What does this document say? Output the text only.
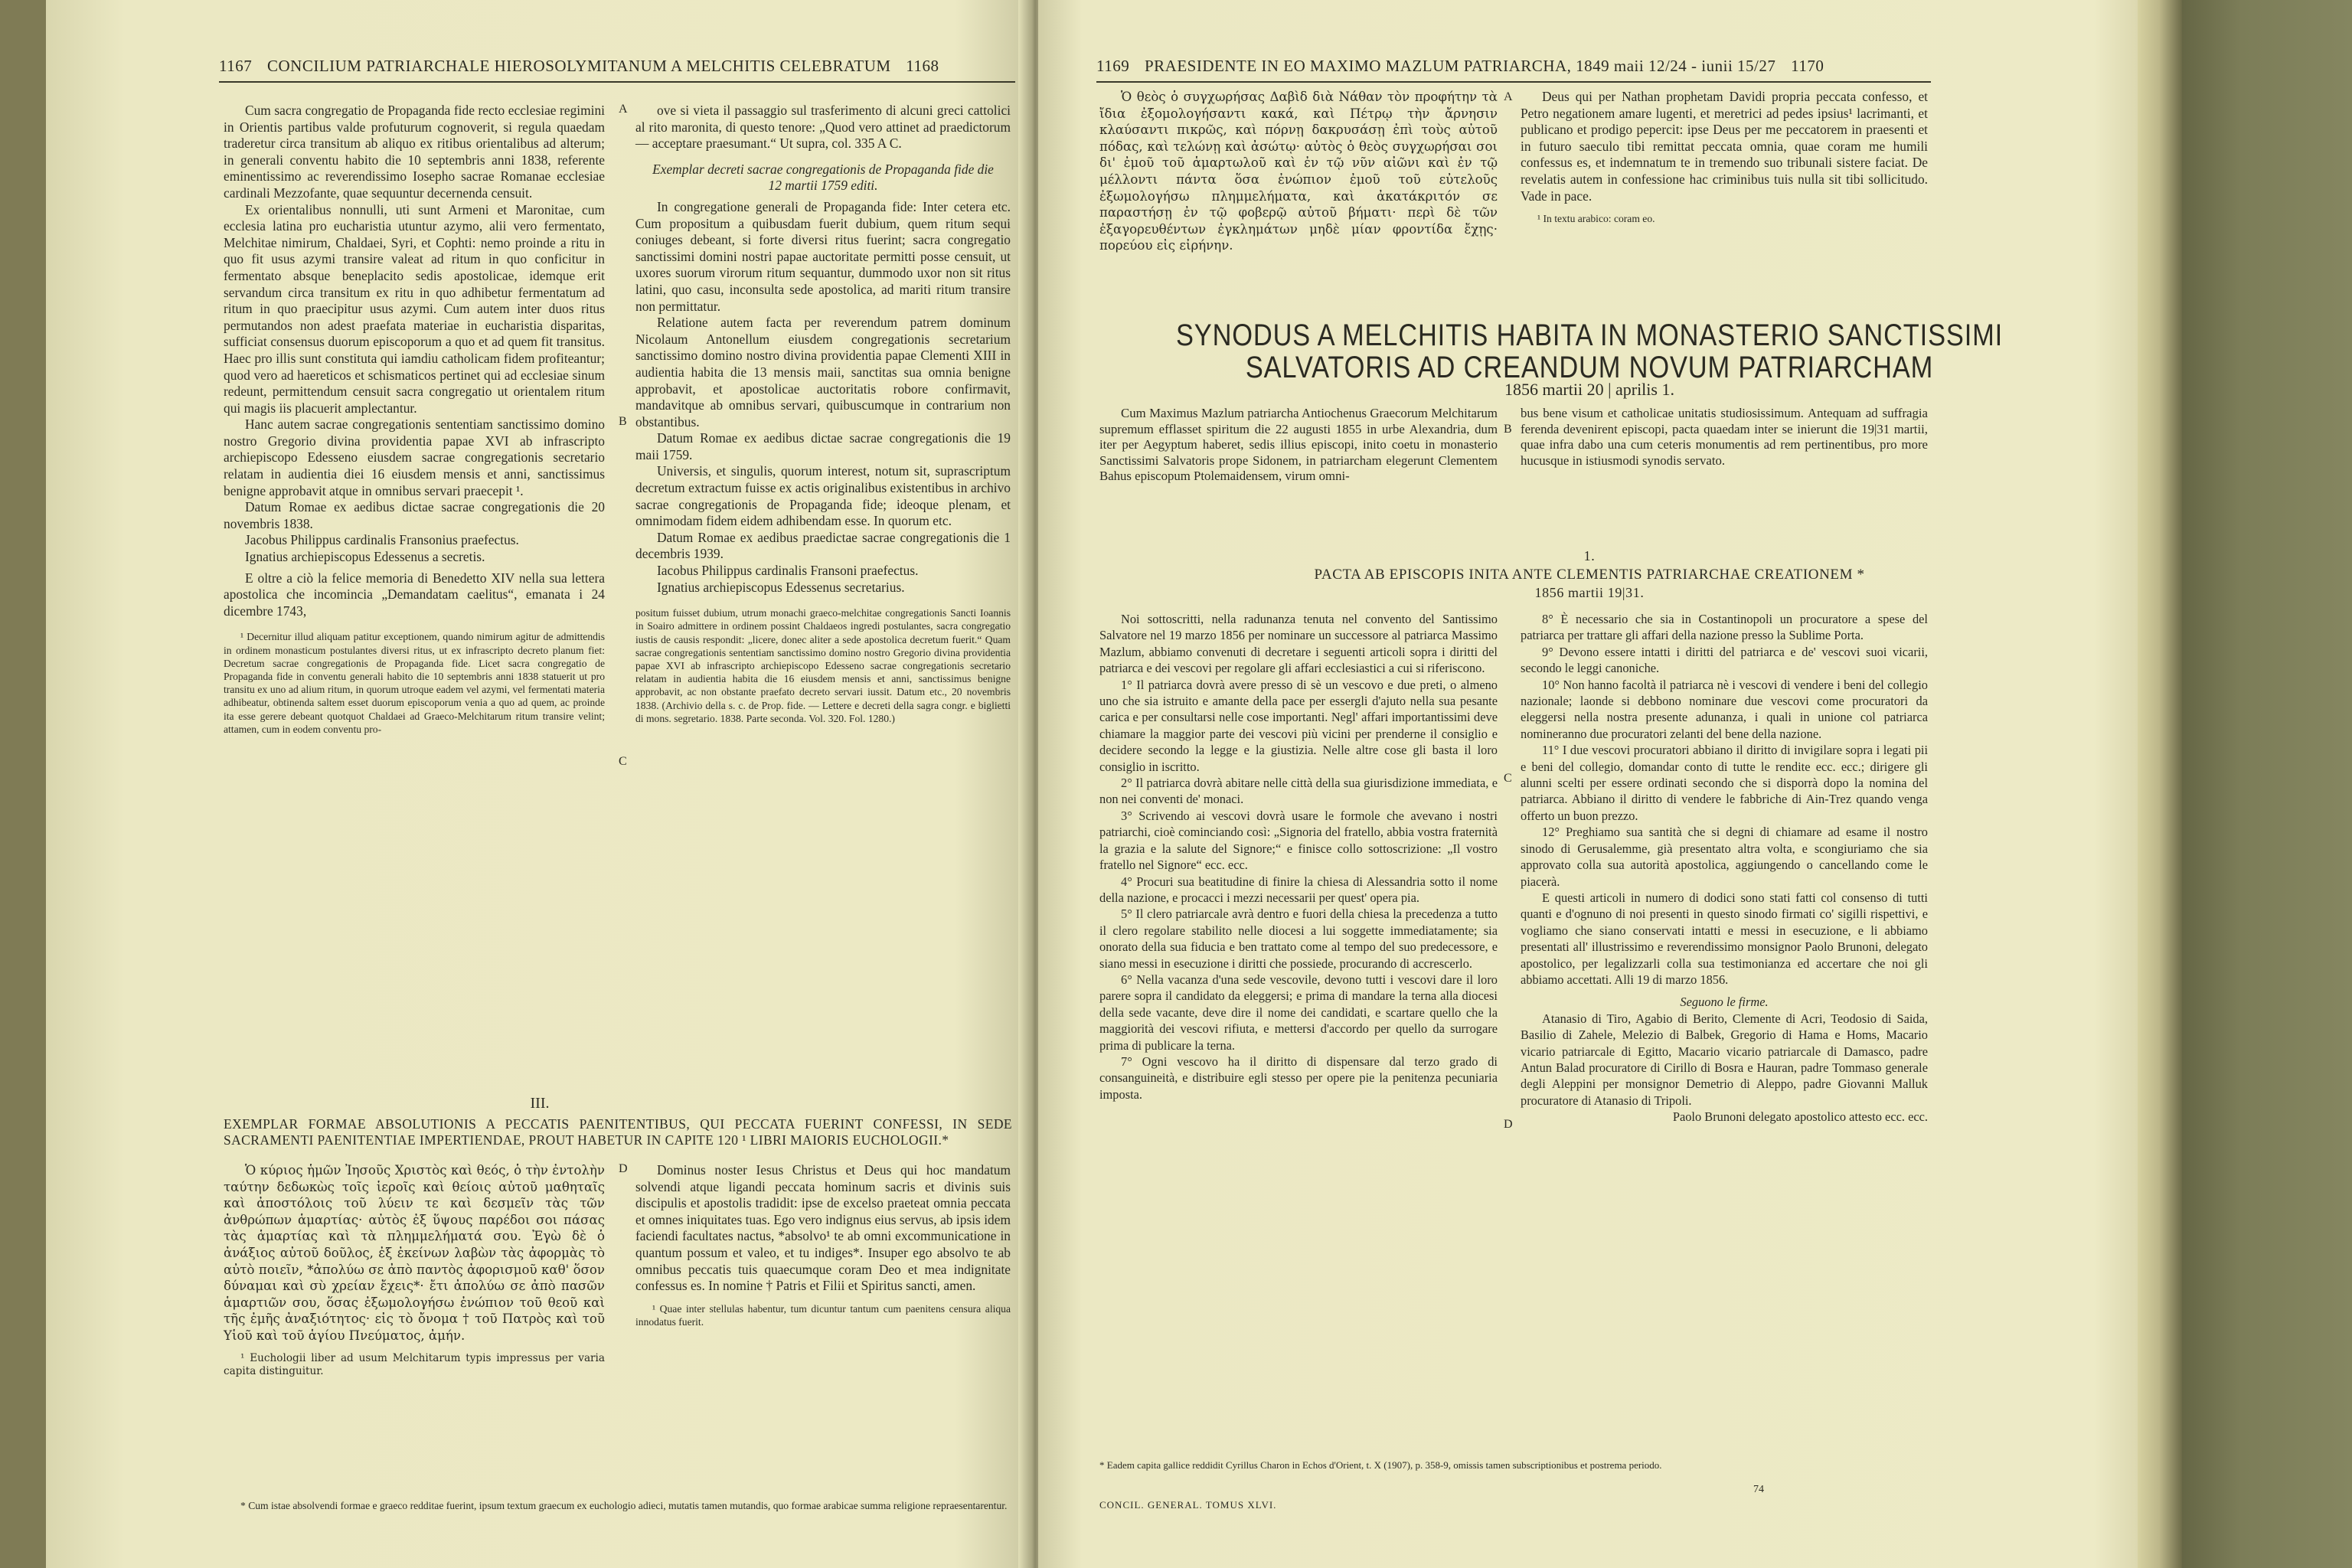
1167 CONCILIUM PATRIARCHALE HIEROSOLYMITANUM A MELCHITIS CELEBRATUM 1168

Cum sacra congregatio de Propaganda fide recto ecclesiae regimini in Orientis partibus valde profuturum cognoverit, si regula quaedam traderetur circa transitum ab aliquo ex ritibus orientalibus ad alterum; in generali conventu habito die 10 septembris anni 1838, referente eminentissimo ac reverendissimo Iosepho sacrae Romanae ecclesiae cardinali Mezzofante, quae sequuntur decernenda censuit.

Ex orientalibus nonnulli, uti sunt Armeni et Maronitae, cum ecclesia latina pro eucharistia utuntur azymo, alii vero fermentato, Melchitae nimirum, Chaldaei, Syri, et Cophti: nemo proinde a ritu in quo fit usus azymi transire valeat ad ritum in quo conficitur in fermentato absque beneplacito sedis apostolicae, idemque erit servandum circa transitum ex ritu in quo adhibetur fermentatum ad ritum in quo praecipitur usus azymi. Cum autem inter duos ritus permutandos non adest praefata materiae in eucharistia disparitas, sufficiat consensus duorum episcoporum a quo et ad quem fit transitus. Haec pro illis sunt constituta qui iamdiu catholicam fidem profiteantur; quod vero ad haereticos et schismaticos pertinet qui ad ecclesiae sinum redeunt, permittendum censuit sacra congregatio ut orientalem ritum qui magis iis placuerit amplectantur.

Hanc autem sacrae congregationis sententiam sanctissimo domino nostro Gregorio divina providentia papae XVI ab infrascripto archiepiscopo Edesseno eiusdem sacrae congregationis secretario relatam in audientia diei 16 eiusdem mensis et anni, sanctissimus benigne approbavit atque in omnibus servari praecepit ¹.

Datum Romae ex aedibus dictae sacrae congregationis die 20 novembris 1838.

Jacobus Philippus cardinalis Fransonius praefectus.

Ignatius archiepiscopus Edessenus a secretis.

E oltre a ciò la felice memoria di Benedetto XIV nella sua lettera apostolica che incomincia „Demandatam caelitus“, emanata i 24 dicembre 1743,

¹ Decernitur illud aliquam patitur exceptionem, quando nimirum agitur de admittendis in ordinem monasticum postulantes diversi ritus, ut ex infrascripto decreto planum fiet: Decretum sacrae congregationis de Propaganda fide. Licet sacra congregatio de Propaganda fide in conventu generali habito die 10 septembris anni 1838 statuerit ut pro transitu ex uno ad alium ritum, in quorum utroque eadem vel azymi, vel fermentati materia adhibeatur, obtinenda saltem esset duorum episcoporum venia a quo ad quem, ac proinde ita esse gerere debeant quotquot Chaldaei ad Graeco-Melchitarum ritum transire velint; attamen, cum in eodem conventu pro-

A
B
C

ove si vieta il passaggio sul trasferimento di alcuni greci cattolici al rito maronita, di questo tenore: „Quod vero attinet ad praedictorum — acceptare praesumant.“ Ut supra, col. 335 A C.

Exemplar decreti sacrae congregationis de Propaganda fide die 12 martii 1759 editi.

In congregatione generali de Propaganda fide: Inter cetera etc. Cum propositum a quibusdam fuerit dubium, quem ritum sequi coniuges debeant, si forte diversi ritus fuerint; sacra congregatio sanctissimi domini nostri papae auctoritate permitti posse censuit, ut uxores suorum virorum ritum sequantur, dummodo uxor non sit ritus latini, quo casu, inconsulta sede apostolica, ad mariti ritum transire non permittatur.

Relatione autem facta per reverendum patrem dominum Nicolaum Antonellum eiusdem congregationis secretarium sanctissimo domino nostro divina providentia papae Clementi XIII in audientia habita die 13 mensis maii, sanctitas sua omnia benigne approbavit, et apostolicae auctoritatis robore confirmavit, mandavitque ab omnibus servari, quibuscumque in contrarium non obstantibus.

Datum Romae ex aedibus dictae sacrae congregationis die 19 maii 1759.

Universis, et singulis, quorum interest, notum sit, suprascriptum decretum extractum fuisse ex actis originalibus existentibus in archivo sacrae congregationis de Propaganda fide; ideoque plenam, et omnimodam fidem eidem adhibendam esse. In quorum etc.

Datum Romae ex aedibus praedictae sacrae congregationis die 1 decembris 1939.

Iacobus Philippus cardinalis Fransoni praefectus.

Ignatius archiepiscopus Edessenus secretarius.

positum fuisset dubium, utrum monachi graeco-melchitae congregationis Sancti Ioannis in Soairo admittere in ordinem possint Chaldaeos ingredi postulantes, sacra congregatio iustis de causis respondit: „licere, donec aliter a sede apostolica decretum fuerit.“ Quam sacrae congregationis sententiam sanctissimo domino nostro Gregorio divina providentia papae XVI ab infrascripto archiepiscopo Edesseno sacrae congregationis secretario relatam in audientia habita die 16 eiusdem mensis et anni, sanctissimus benigne approbavit, ac non obstante praefato decreto servari iussit. Datum etc., 20 novembris 1838. (Archivio della s. c. de Prop. fide. — Lettere e decreti della sagra congr. e biglietti di mons. segretario. 1838. Parte seconda. Vol. 320. Fol. 1280.)

III.
EXEMPLAR FORMAE ABSOLUTIONIS A PECCATIS PAENITENTIBUS, QUI PECCATA FUERINT CONFESSI, IN SEDE SACRAMENTI PAENITENTIAE IMPERTIENDAE, PROUT HABETUR IN CAPITE 120 ¹ LIBRI MAIORIS EUCHOLOGII.*

Ὁ κύριος ἡμῶν Ἰησοῦς Χριστὸς καὶ θεός, ὁ τὴν ἐντολὴν ταύτην δεδωκὼς τοῖς ἱεροῖς καὶ θείοις αὐτοῦ μαθηταῖς καὶ ἀποστόλοις τοῦ λύειν τε καὶ δεσμεῖν τὰς τῶν ἀνθρώπων ἁμαρτίας· αὐτὸς ἐξ ὕψους παρέδοι σοι πάσας τὰς ἁμαρτίας καὶ τὰ πλημμελήματά σου. Ἐγὼ δὲ ὁ ἀνάξιος αὐτοῦ δοῦλος, ἐξ ἐκείνων λαβὼν τὰς ἀφορμὰς τὸ αὐτὸ ποιεῖν, *ἀπολύω σε ἀπὸ παντὸς ἀφορισμοῦ καθ' ὅσον δύναμαι καὶ σὺ χρείαν ἔχεις*· ἔτι ἀπολύω σε ἀπὸ πασῶν ἁμαρτιῶν σου, ὅσας ἐξωμολογήσω ἐνώπιον τοῦ θεοῦ καὶ τῆς ἐμῆς ἀναξιότητος· εἰς τὸ ὄνομα † τοῦ Πατρὸς καὶ τοῦ Υἱοῦ καὶ τοῦ ἁγίου Πνεύματος, ἀμήν.

¹ Euchologii liber ad usum Melchitarum typis impressus per varia capita distinguitur.

D	Dominus noster Iesus Christus et Deus qui hoc mandatum solvendi atque ligandi peccata hominum sacris et divinis suis discipulis et apostolis tradidit: ipse de excelso praeteat omnia peccata et omnes iniquitates tuas. Ego vero indignus eius servus, ab ipsis idem faciendi facultates nactus, *absolvo¹ te ab omni excommunicatione in quantum possum et valeo, et tu indiges*. Insuper ego absolvo te ab omnibus peccatis tuis quaecumque coram Deo et mea indignitate confessus es. In nomine † Patris et Filii et Spiritus sancti, amen.

¹ Quae inter stellulas habentur, tum dicuntur tantum cum paenitens censura aliqua innodatus fuerit.

* Cum istae absolvendi formae e graeco redditae fuerint, ipsum textum graecum ex euchologio adieci, mutatis tamen mutandis, quo formae arabicae summa religione repraesentarentur.

1169 PRAESIDENTE IN EO MAXIMO MAZLUM PATRIARCHA, 1849 maii 12/24 - iunii 15/27 1170

Ὁ θεὸς ὁ συγχωρήσας Δαβὶδ διὰ Νάθαν τὸν προφήτην τὰ ἴδια ἐξομολογήσαντι κακά, καὶ Πέτρῳ τὴν ἄρνησιν κλαύσαντι πικρῶς, καὶ πόρνῃ δακρυσάσῃ ἐπὶ τοὺς αὐτοῦ πόδας, καὶ τελώνῃ καὶ ἀσώτῳ· αὐτὸς ὁ θεὸς συγχωρήσαι σοι δι' ἐμοῦ τοῦ ἁμαρτωλοῦ καὶ ἐν τῷ νῦν αἰῶνι καὶ ἐν τῷ μέλλοντι πάντα ὅσα ἐνώπιον ἐμοῦ τοῦ εὐτελοῦς ἐξωμολογήσω πλημμελήματα, καὶ ἀκατάκριτόν σε παραστήσῃ ἐν τῷ φοβερῷ αὐτοῦ βήματι· περὶ δὲ τῶν ἐξαγορευθέντων ἐγκλημάτων μηδὲ μίαν φροντίδα ἔχῃς· πορεύου εἰς εἰρήνην.

A	Deus qui per Nathan prophetam Davidi propria peccata confesso, et Petro negationem amare lugenti, et meretrici ad pedes ipsius¹ lacrimanti, et publicano et prodigo pepercit: ipse Deus per me peccatorem in praesenti et in futuro saeculo tibi remittat peccata omnia, quae coram me humili confessus es, et indemnatum te in tremendo suo tribunali sistere faciat. De revelatis autem in confessione hac criminibus tuis nulla sit tibi sollicitudo. Vade in pace.

¹ In textu arabico: coram eo.

SYNODUS A MELCHITIS HABITA IN MONASTERIO SANCTISSIMI
SALVATORIS AD CREANDUM NOVUM PATRIARCHAM
1856 martii 20 | aprilis 1.

Cum Maximus Mazlum patriarcha Antiochenus Graecorum Melchitarum supremum efflasset spiritum die 22 augusti 1855 in urbe Alexandria, dum iter per Aegyptum haberet, sedis illius episcopi, inito coetu in monasterio Sanctissimi Salvatoris prope Sidonem, in patriarcham elegerunt Clementem Bahus episcopum Ptolemaidensem, virum omni-

B

bus bene visum et catholicae unitatis studiosissimum. Antequam ad suffragia ferenda devenirent episcopi, pacta quaedam inter se inierunt die 19|31 martii, quae infra dabo una cum ceteris monumentis ad rem pertinentibus, pro more hucusque in istiusmodi synodis servato.

1.
PACTA AB EPISCOPIS INITA ANTE CLEMENTIS PATRIARCHAE CREATIONEM *
1856 martii 19|31.

Noi sottoscritti, nella radunanza tenuta nel convento del Santissimo Salvatore nel 19 marzo 1856 per nominare un successore al patriarca Massimo Mazlum, abbiamo convenuti di decretare i seguenti articoli sopra i diritti del patriarca e dei vescovi per regolare gli affari ecclesiastici a cui si riferiscono.

1° Il patriarca dovrà avere presso di sè un vescovo e due preti, o almeno uno che sia istruito e amante della pace per essergli d'ajuto nella sua pesante carica e per consultarsi nelle cose importanti. Negl' affari importantissimi deve chiamare la maggior parte dei vescovi più vicini per prenderne il consiglio e decidere secondo la legge e la giustizia. Nelle altre cose gli basta il loro consiglio in iscritto.

2° Il patriarca dovrà abitare nelle città della sua giurisdizione immediata, e non nei conventi de' monaci.

3° Scrivendo ai vescovi dovrà usare le formole che avevano i nostri patriarchi, cioè cominciando così: „Signoria del fratello, abbia vostra fraternità la grazia e la salute del Signore;“ e finisce collo sottoscrizione: „Il vostro fratello nel Signore“ ecc. ecc.

4° Procuri sua beatitudine di finire la chiesa di Alessandria sotto il nome della nazione, e procacci i mezzi necessarii per quest' opera pia.

5° Il clero patriarcale avrà dentro e fuori della chiesa la precedenza a tutto il clero regolare stabilito nelle diocesi a lui soggette immediatamente; sia onorato della sua fiducia e ben trattato come al tempo del suo predecessore, e siano messi in esecuzione i diritti che possiede, procurando di accrescerlo.

6° Nella vacanza d'una sede vescovile, devono tutti i vescovi dare il loro parere sopra il candidato da eleggersi; e prima di mandare la terna alla diocesi della sede vacante, deve dire il nome dei candidati, e scartare quello che la maggiorità dei vescovi rifiuta, e mettersi d'accordo per quello da surrogare prima di publicare la terna.

7° Ogni vescovo ha il diritto di dispensare dal terzo grado di consanguineità, e distribuire egli stesso per opere pie la penitenza pecuniaria imposta.

C
D

8° È necessario che sia in Costantinopoli un procuratore a spese del patriarca per trattare gli affari della nazione presso la Sublime Porta.

9° Devono essere intatti i diritti del patriarca e de' vescovi suoi vicarii, secondo le leggi canoniche.

10° Non hanno facoltà il patriarca nè i vescovi di vendere i beni del collegio nazionale; laonde si debbono nominare due vescovi come procuratori da eleggersi nella nostra presente adunanza, i quali in unione col patriarca nomineranno due procuratori zelanti del bene della nazione.

11° I due vescovi procuratori abbiano il diritto di invigilare sopra i legati pii e beni del collegio, domandar conto di tutte le rendite ecc. ecc.; dirigere gli alunni scelti per essere ordinati secondo che si disporrà dopo la nomina del patriarca. Abbiano il diritto di vendere le fabbriche di Ain-Trez quando venga offerto un buon prezzo.

12° Preghiamo sua santità che si degni di chiamare ad esame il nostro sinodo di Gerusalemme, già presentato altra volta, e scongiuriamo che sia approvato colla sua autorità apostolica, aggiungendo o cancellando come le piacerà.

E questi articoli in numero di dodici sono stati fatti col consenso di tutti quanti e d'ognuno di noi presenti in questo sinodo firmati co' sigilli rispettivi, e vogliamo che siano conservati intatti e messi in esecuzione, e li abbiamo presentati all' illustrissimo e reverendissimo monsignor Paolo Brunoni, delegato apostolico, per legalizzarli colla sua testimonianza ed accertare che noi gli abbiamo accettati. Alli 19 di marzo 1856.

Seguono le firme.

Atanasio di Tiro, Agabio di Berito, Clemente di Acri, Teodosio di Saida, Basilio di Zahele, Melezio di Balbek, Gregorio di Hama e Homs, Macario vicario patriarcale di Egitto, Macario vicario patriarcale di Damasco, padre Antun Balad procuratore di Cirillo di Bosra e Hauran, padre Tommaso generale degli Aleppini per monsignor Demetrio di Aleppo, padre Giovanni Malluk procuratore di Atanasio di Tripoli.

Paolo Brunoni delegato apostolico attesto ecc. ecc.

* Eadem capita gallice reddidit Cyrillus Charon in Echos d'Orient, t. X (1907), p. 358-9, omissis tamen subscriptionibus et postrema periodo.
CONCIL. GENERAL. TOMUS XLVI.
74
